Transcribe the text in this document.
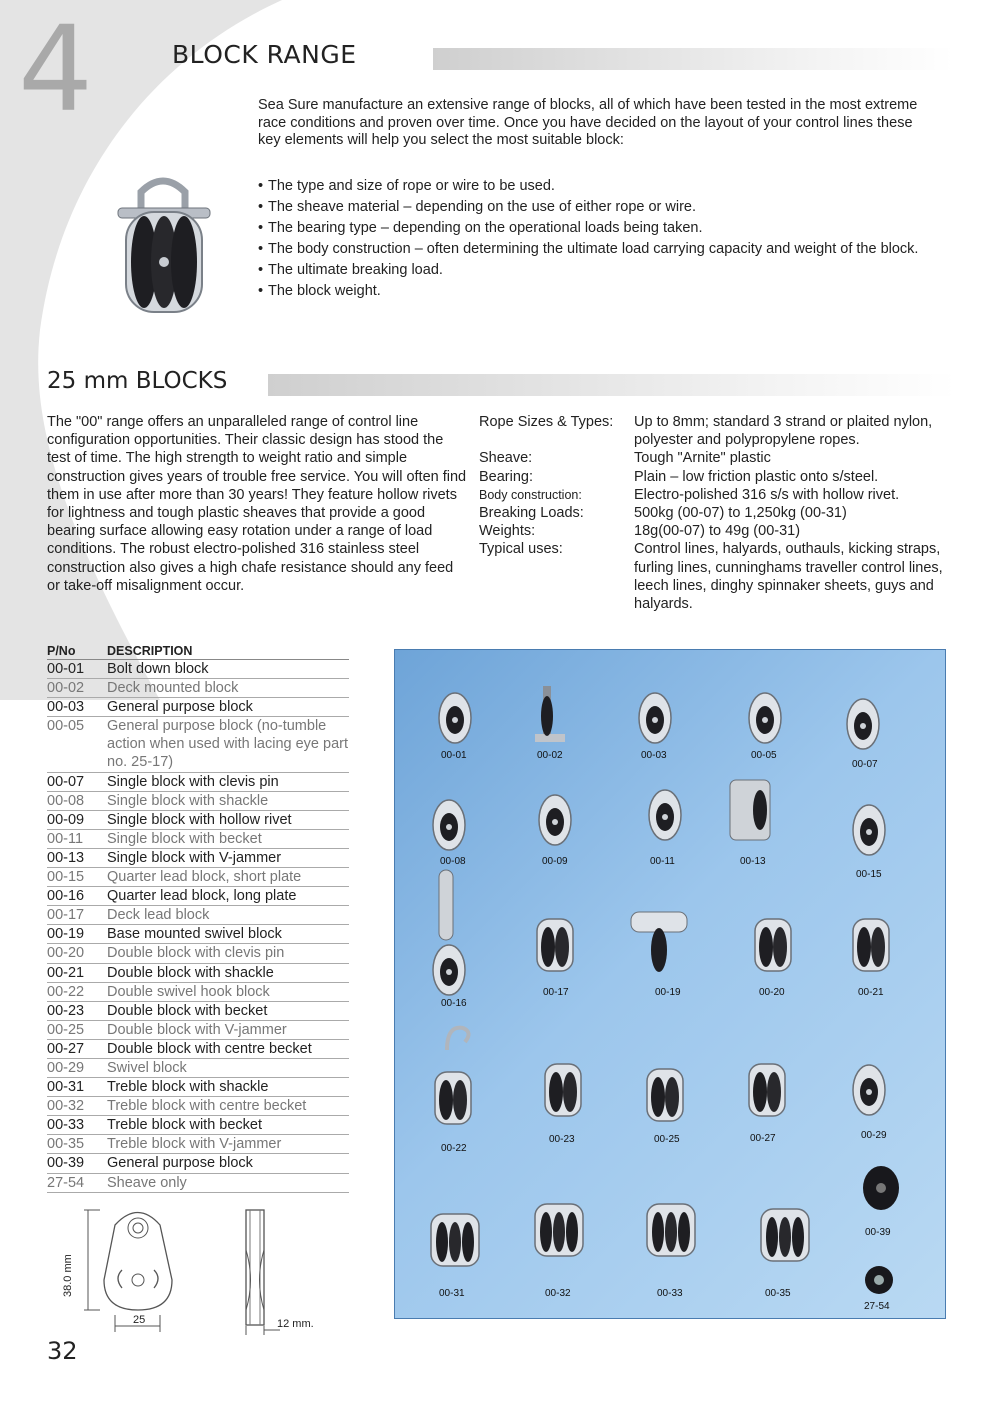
4	BLOCK RANGE
Sea Sure manufacture an extensive range of blocks, all of which have been tested in the most extreme race conditions and proven over time. Once you have decided on the layout of your control lines these key elements will help you select the most suitable block:
• The type and size of rope or wire to be used.
• The sheave material – depending on the use of either rope or wire.
• The bearing type – depending on the operational loads being taken.
• The body construction – often determining the ultimate load carrying capacity and weight of the block.
• The ultimate breaking load.
• The block weight.
25 mm BLOCKS
The "00" range offers an unparalleled range of control line configuration opportunities. Their classic design has stood the test of time. The high strength to weight ratio and simple construction gives years of trouble free service. You will often find them in use after more than 30 years! They feature hollow rivets for lightness and tough plastic sheaves that provide a good bearing surface allowing easy rotation under a range of load conditions. The robust electro-polished 316 stainless steel construction also gives a high chafe resistance should any feed or take-off misalignment occur.
Rope Sizes & Types:	Up to 8mm; standard 3 strand or plaited nylon, polyester and polypropylene ropes.
Sheave:	Tough "Arnite" plastic
Bearing:	Plain – low friction plastic onto s/steel.
Body construction:	Electro-polished 316 s/s with hollow rivet.
Breaking Loads:	500kg (00-07) to 1,250kg (00-31)
Weights:	18g(00-07) to 49g (00-31)
Typical uses:	Control lines, halyards, outhauls, kicking straps, furling lines, cunninghams traveller control lines, leech lines, dinghy spinnaker sheets, guys and halyards.
P/No	DESCRIPTION
00-01	Bolt down block
00-02	Deck mounted block
00-03	General purpose block
00-05	General purpose block (no-tumble action when used with lacing eye part no. 25-17)
00-07	Single block with clevis pin
00-08	Single block with shackle
00-09	Single block with hollow rivet
00-11	Single block with becket
00-13	Single block with V-jammer
00-15	Quarter lead block, short plate
00-16	Quarter lead block, long plate
00-17	Deck lead block
00-19	Base mounted swivel block
00-20	Double block with clevis pin
00-21	Double block with shackle
00-22	Double swivel hook block
00-23	Double block with becket
00-25	Double block with V-jammer
00-27	Double block with centre becket
00-29	Swivel block
00-31	Treble block with shackle
00-32	Treble block with centre becket
00-33	Treble block with becket
00-35	Treble block with V-jammer
00-39	General purpose block
27-54	Sheave only
00-01	00-02	00-03	00-05
00-07
00-08	00-09	00-11	00-13
00-15
00-16
00-17	00-19	00-20	00-21
00-22
00-23	00-25	00-27	00-29
00-31	00-32	00-33	00-35
00-39
27-54
38.0 mm
25	12 mm.
32
